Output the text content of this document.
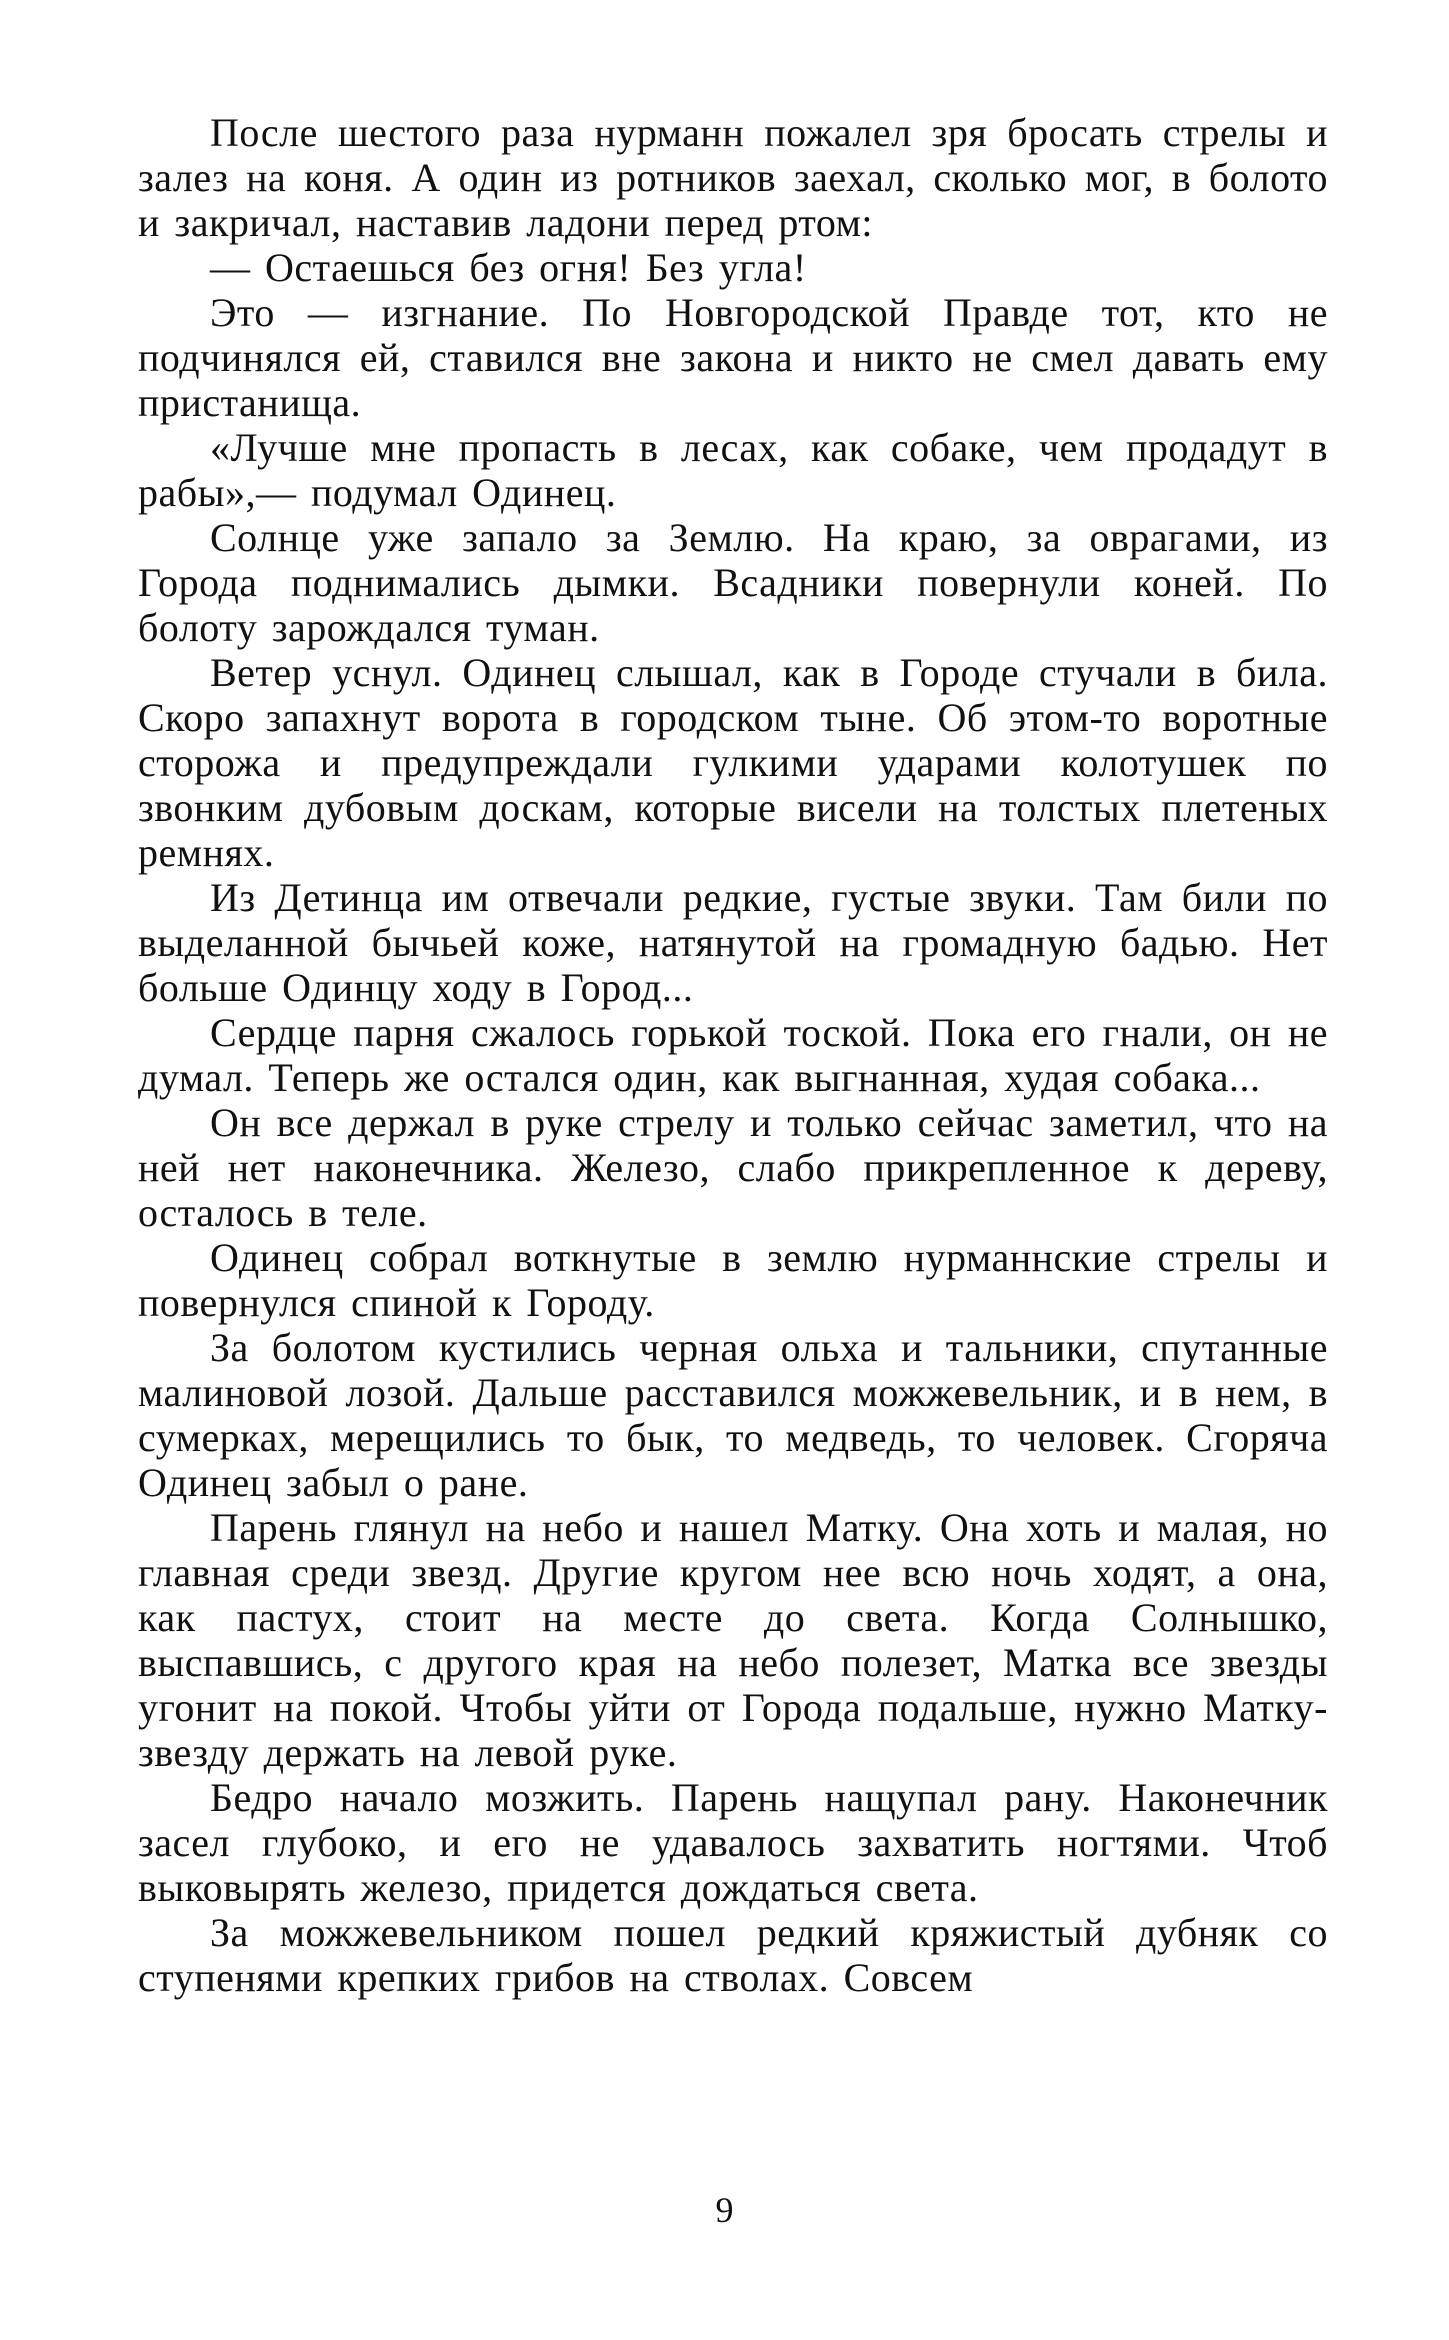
После шестого раза нурманн пожалел зря бросать стрелы и залез на коня. А один из ротников заехал, сколько мог, в болото и закричал, наставив ладони перед ртом:

— Остаешься без огня! Без угла!

Это — изгнание. По Новгородской Правде тот, кто не подчинялся ей, ставился вне закона и никто не смел давать ему пристанища.

«Лучше мне пропасть в лесах, как собаке, чем продадут в рабы»,— подумал Одинец.

Солнце уже запало за Землю. На краю, за оврагами, из Города поднимались дымки. Всадники повернули коней. По болоту зарождался туман.

Ветер уснул. Одинец слышал, как в Городе стучали в била. Скоро запахнут ворота в городском тыне. Об этом-то воротные сторожа и предупреждали гулкими ударами колотушек по звонким дубовым доскам, которые висели на толстых плетеных ремнях.

Из Детинца им отвечали редкие, густые звуки. Там били по выделанной бычьей коже, натянутой на громадную бадью. Нет больше Одинцу ходу в Город...

Сердце парня сжалось горькой тоской. Пока его гнали, он не думал. Теперь же остался один, как выгнанная, худая собака...

Он все держал в руке стрелу и только сейчас заметил, что на ней нет наконечника. Железо, слабо прикрепленное к дереву, осталось в теле.

Одинец собрал воткнутые в землю нурманнские стрелы и повернулся спиной к Городу.

За болотом кустились черная ольха и тальники, спутанные малиновой лозой. Дальше расставился можжевельник, и в нем, в сумерках, мерещились то бык, то медведь, то человек. Сгоряча Одинец забыл о ране.

Парень глянул на небо и нашел Матку. Она хоть и малая, но главная среди звезд. Другие кругом нее всю ночь ходят, а она, как пастух, стоит на месте до света. Когда Солнышко, выспавшись, с другого края на небо полезет, Матка все звезды угонит на покой. Чтобы уйти от Города подальше, нужно Матку-звезду держать на левой руке.

Бедро начало мозжить. Парень нащупал рану. Наконечник засел глубоко, и его не удавалось захватить ногтями. Чтоб выковырять железо, придется дождаться света.

За можжевельником пошел редкий кряжистый дубняк со ступенями крепких грибов на стволах. Совсем

9
